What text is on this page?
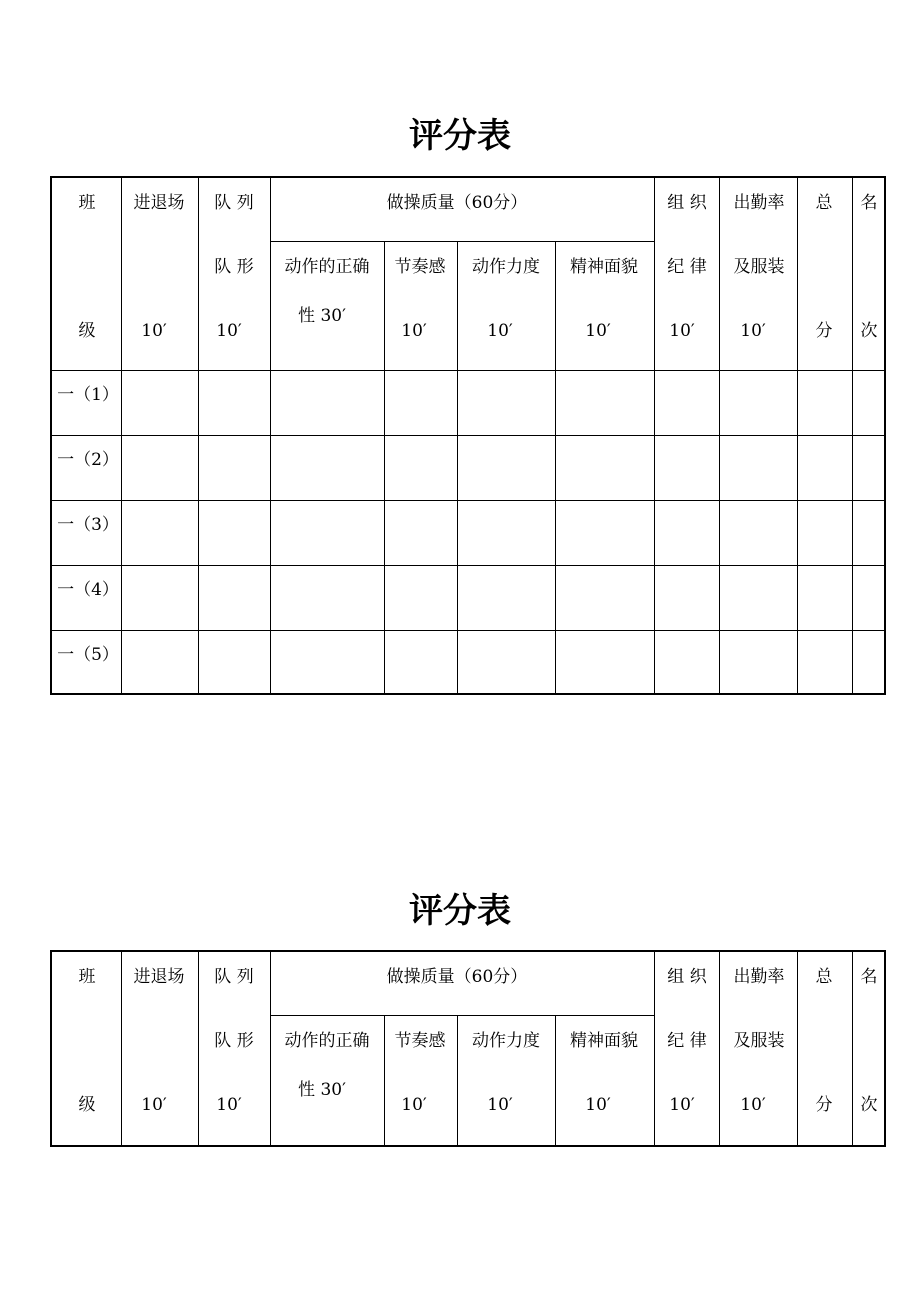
评分表
班
级
进退场
10′
队 列
队 形
10′
做操质量（60分）
动作的正确
性 30′
节奏感
10′
动作力度
10′
精神面貌
10′
组 织
纪 律
10′
出勤率
及服装
10′
总
分
名
次
一（1）
一（2）
一（3）
一（4）
一（5）
评分表
班
级
进退场
10′
队 列
队 形
10′
做操质量（60分）
动作的正确
性 30′
节奏感
10′
动作力度
10′
精神面貌
10′
组 织
纪 律
10′
出勤率
及服装
10′
总
分
名
次
